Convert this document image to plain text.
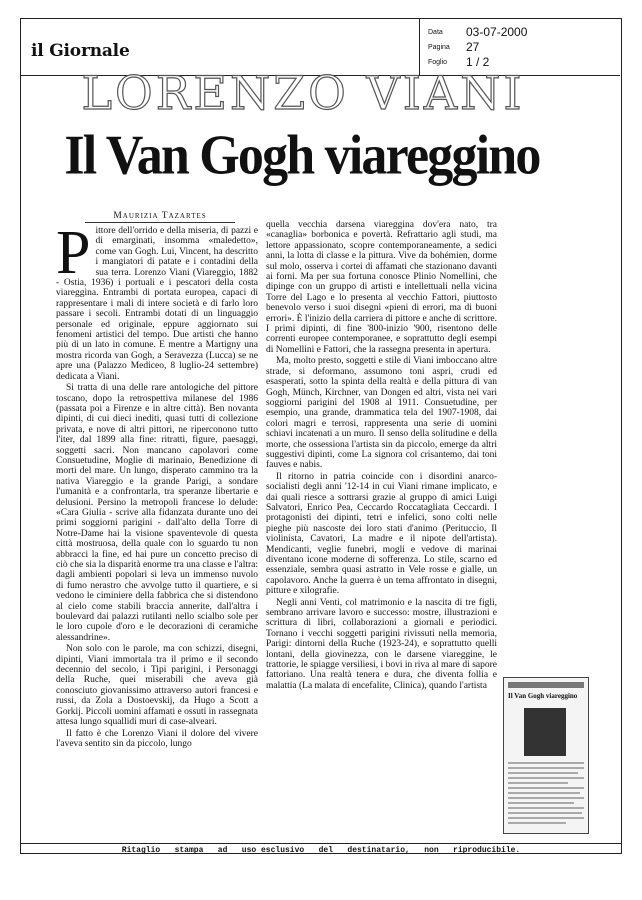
il Giornale
Data	03-07-2000
Pagina	27
Foglio	1 / 2
LORENZO VIANI
Il Van Gogh viareggino
Maurizia Tazartes

Pittore dell'orrido e della miseria, di pazzi e di emarginati, insomma «maledetto», come van Gogh. Lui, Vincent, ha descritto i mangiatori di patate e i contadini della sua terra. Lorenzo Viani (Viareggio, 1882 - Ostia, 1936) i portuali e i pescatori della costa viareggina. Entrambi di portata europea, capaci di rappresentare i mali di intere società e di farlo loro passare i secoli. Entrambi dotati di un linguaggio personale ed originale, eppure aggiornato sui fenomeni artistici del tempo. Due artisti che hanno più di un lato in comune. E mentre a Martigny una mostra ricorda van Gogh, a Seravezza (Lucca) se ne apre una (Palazzo Mediceo, 8 luglio-24 settembre) dedicata a Viani.

Si tratta di una delle rare antologiche del pittore toscano, dopo la retrospettiva milanese del 1986 (passata poi a Firenze e in altre città). Ben novanta dipinti, di cui dieci inediti, quasi tutti di collezione privata, e nove di altri pittori, ne riperconono tutto l'iter, dal 1899 alla fine: ritratti, figure, paesaggi, soggetti sacri. Non mancano capolavori come Consuetudine, Moglie di marinaio, Benedizione di morti del mare. Un lungo, disperato cammino tra la nativa Viareggio e la grande Parigi, a sondare l'umanità e a confrontarla, tra speranze libertarie e delusioni. Persino la metropoli francese lo delude: «Cara Giulia - scrive alla fidanzata durante uno dei primi soggiorni parigini - dall'alto della Torre di Notre-Dame hai la visione spaventevole di questa città mostruosa, della quale con lo sguardo tu non abbracci la fine, ed hai pure un concetto preciso di ciò che sia la disparità enorme tra una classe e l'altra: dagli ambienti popolari si leva un immenso nuvolo di fumo nerastro che avvolge tutto il quartiere, e si vedono le ciminiere della fabbrica che si distendono al cielo come stabili braccia annerite, dall'altra i boulevard dai palazzi rutilanti nello scialbo sole per le loro cupole d'oro e le decorazioni di ceramiche alessandrine».

Non solo con le parole, ma con schizzi, disegni, dipinti, Viani immortala tra il primo e il secondo decennio del secolo, i Tipi parigini, i Personaggi della Ruche, quei miserabili che aveva già conosciuto giovanissimo attraverso autori francesi e russi, da Zola a Dostoevskij, da Hugo a Scott a Gorkij. Piccoli uomini affamati e ossuti in rassegnata attesa lungo squallidi muri di case-alveari.

Il fatto è che Lorenzo Viani il dolore del vivere l'aveva sentito sin da piccolo, lungo

quella vecchia darsena viareggina dov'era nato, tra «canaglia» borbonica e povertà. Refrattario agli studi, ma lettore appassionato, scopre contemporaneamente, a sedici anni, la lotta di classe e la pittura. Vive da bohémien, dorme sul molo, osserva i cortei di affamati che stazionano davanti ai forni. Ma per sua fortuna conosce Plinio Nomellini, che dipinge con un gruppo di artisti e intellettuali nella vicina Torre del Lago e lo presenta al vecchio Fattori, piuttosto benevolo verso i suoi disegni «pieni di errori, ma di buoni errori». È l'inizio della carriera di pittore e anche di scrittore. I primi dipinti, di fine '800-inizio '900, risentono delle correnti europee contemporanee, e soprattutto degli esempi di Nomellini e Fattori, che la rassegna presenta in apertura.

Ma, molto presto, soggetti e stile di Viani imboccano altre strade, si deformano, assumono toni aspri, crudi ed esasperati, sotto la spinta della realtà e della pittura di van Gogh, Münch, Kirchner, van Dongen ed altri, vista nei vari soggiorni parigini del 1908 al 1911. Consuetudine, per esempio, una grande, drammatica tela del 1907-1908, dai colori magri e terrosi, rappresenta una serie di uomini schiavi incatenati a un muro. Il senso della solitudine e della morte, che ossessiona l'artista sin da piccolo, emerge da altri suggestivi dipinti, come La signora col crisantemo, dai toni fauves e nabis.

Il ritorno in patria coincide con i disordini anarco-socialisti degli anni '12-14 in cui Viani rimane implicato, e dai quali riesce a sottrarsi grazie al gruppo di amici Luigi Salvatori, Enrico Pea, Ceccardo Roccatagliata Ceccardi. I protagonisti dei dipinti, tetri e infelici, sono colti nelle pieghe più nascoste dei loro stati d'animo (Perituccio, Il violinista, Cavatori, La madre e il nipote dell'artista). Mendicanti, veglie funebri, mogli e vedove di marinai diventano icone moderne di sofferenza. Lo stile, scarno ed essenziale, sembra quasi astratto in Vele rosse e gialle, un capolavoro. Anche la guerra è un tema affrontato in disegni, pitture e xilografie.

Negli anni Venti, col matrimonio e la nascita di tre figli, sembrano arrivare lavoro e successo: mostre, illustrazioni e scrittura di libri, collaborazioni a giornali e periodici. Tornano i vecchi soggetti parigini rivissuti nella memoria, Parigi: dintorni della Ruche (1923-24), e soprattutto quelli lontani, della giovinezza, con le darsene viareggine, le trattorie, le spiagge versiliesi, i bovi in riva al mare di sapore fattoriano. Una realtà tenera e dura, che diventa follia e malattia (La malata di encefalite, Clinica), quando l'artista

Il Van Gogh viareggino
Ritaglio   stampa   ad   uso esclusivo   del   destinatario,   non   riproducibile.
